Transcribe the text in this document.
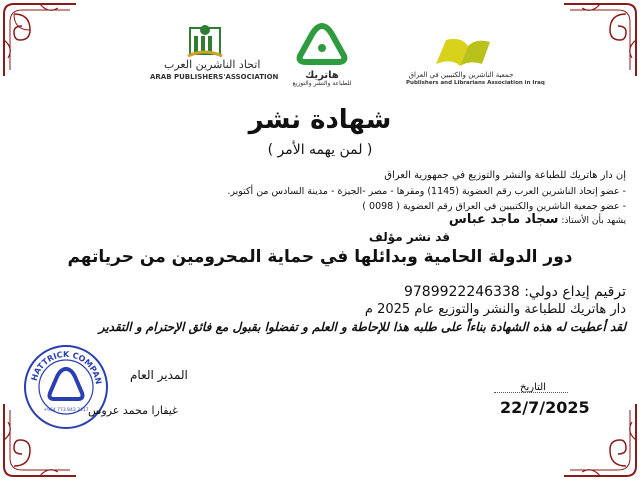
اتحاد الناشرين العرب
ARAB PUBLISHERS'ASSOCIATION	هاتريك
للطباعة والنشر والتوزيع
جمعية الناشرين والكتبيين في العراق
Publishers and Librarians Association in Iraq
شهادة نشر
( لمن يهمه الأمر )
إن دار هاتريك للطباعة والنشر والتوزيع في جمهورية العراق
- عضو إتحاد الناشرين العرب رقم العضوية (1145) ومقرها - مصر -الجيزة - مدينة السادس من أكتوبر.
- عضو جمعية الناشرين والكتبيين في العراق رقم العضوية ( 0098 )
يشهد بأن الأستاذ: سجاد ماجد عباس
قد نشر مؤلف
دور الدولة الحامية وبدائلها في حماية المحرومين من حرياتهم
ترقيم إيداع دولي: 9789922246338
دار هاتريك للطباعة والنشر والتوزيع عام 2025 م
لقد أعطيت له هذه الشهادة بناءاً على طلبه هذا للإحاطة و العلم و تفضلوا بقبول مع فائق الإحترام و التقدير
HATTRICK COMPAN
+964 773 843 2417
المدير العام
غيفارا محمد عروس
التاريخ
22/7/2025
